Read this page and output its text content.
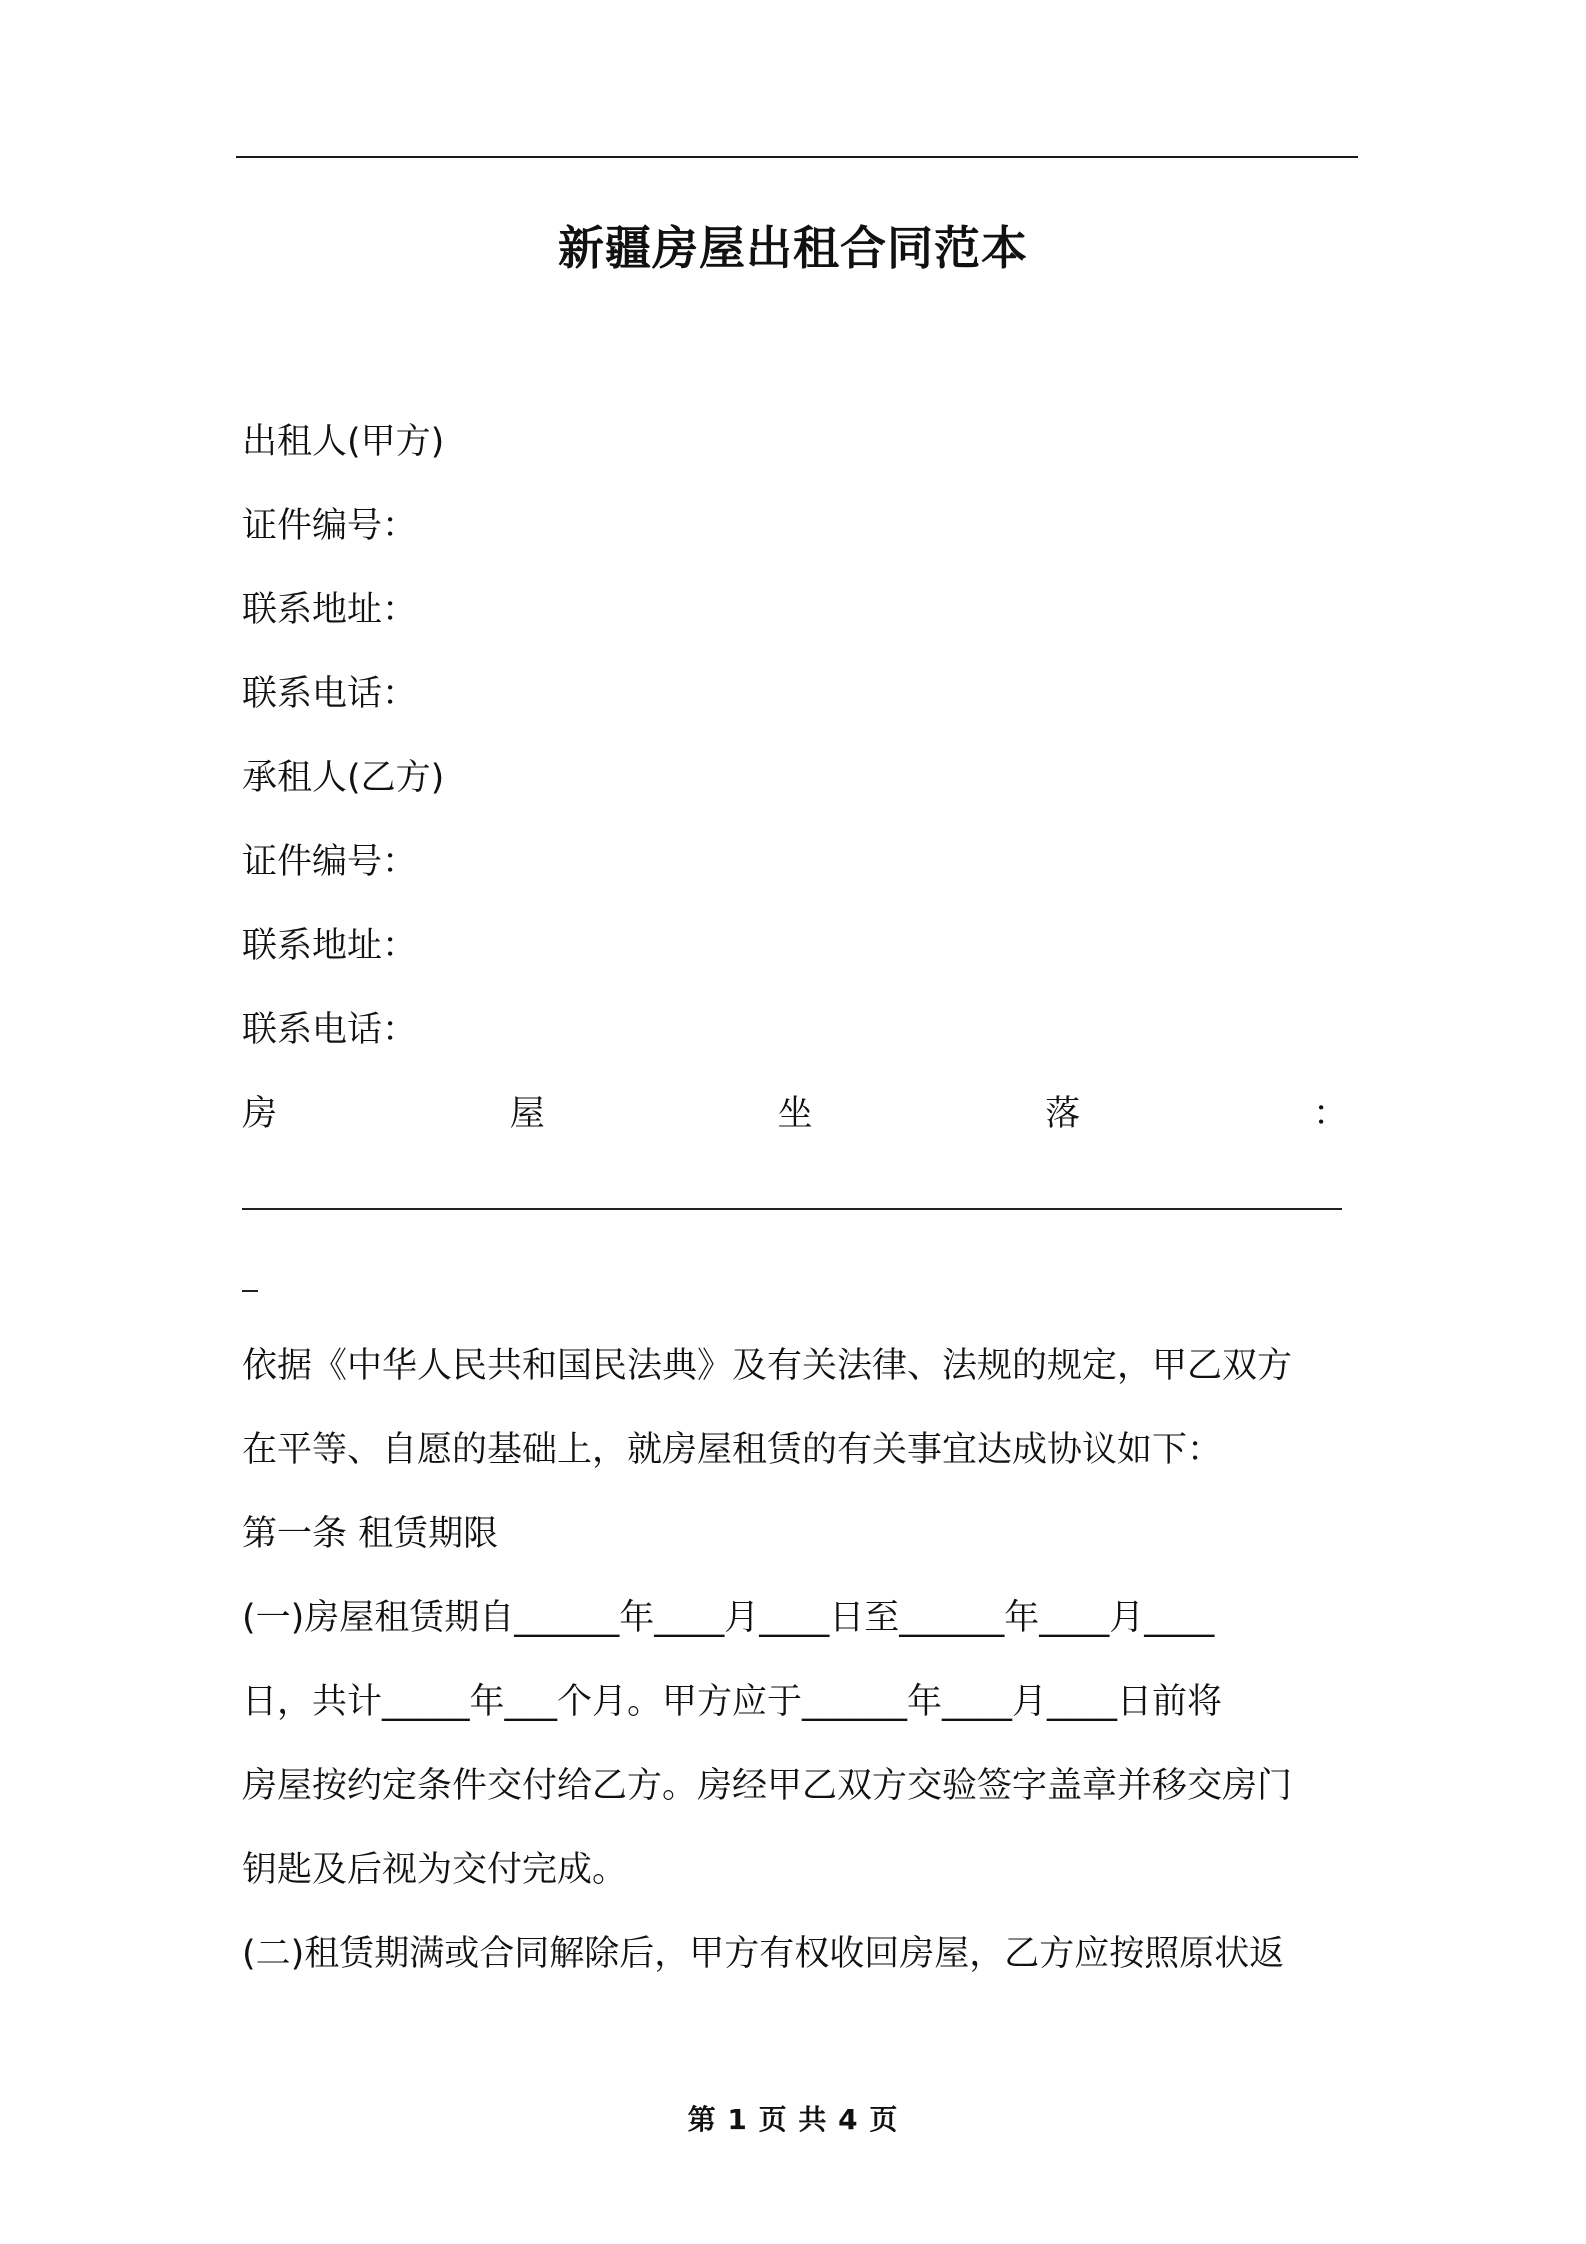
新疆房屋出租合同范本
出租人(甲方)
证件编号：
联系地址：
联系电话：
承租人(乙方)
证件编号：
联系地址：
联系电话：
房	屋	坐	落	：
依据《中华人民共和国民法典》及有关法律、法规的规定，甲乙双方
在平等、自愿的基础上，就房屋租赁的有关事宜达成协议如下：
第一条 租赁期限
(一)房屋租赁期自______年____月____日至______年____月____
日，共计_____年___个月。甲方应于______年____月____日前将
房屋按约定条件交付给乙方。房经甲乙双方交验签字盖章并移交房门
钥匙及后视为交付完成。
(二)租赁期满或合同解除后，甲方有权收回房屋，乙方应按照原状返
第 1 页 共 4 页
